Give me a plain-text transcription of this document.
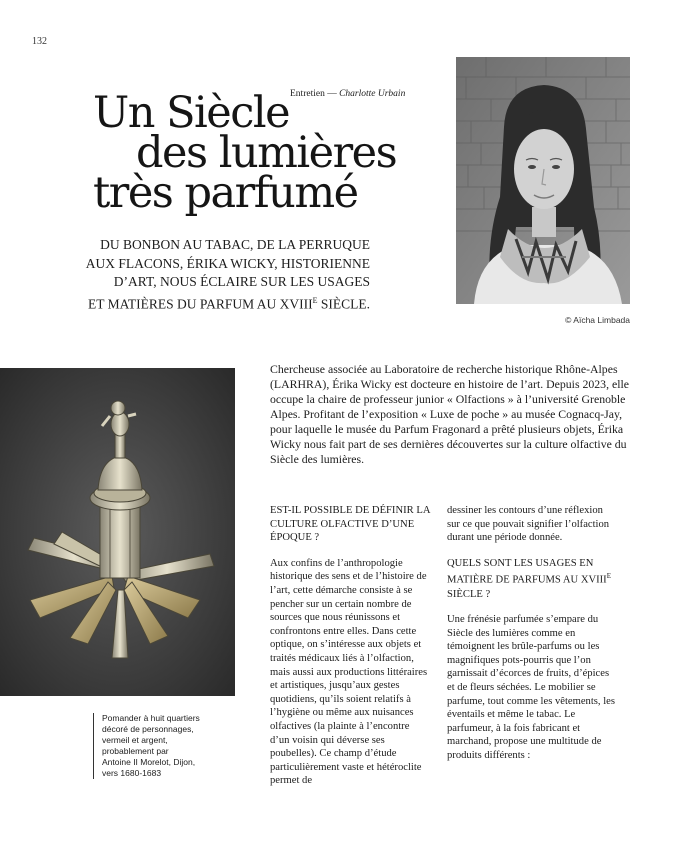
132
Entretien — Charlotte Urbain
Un Siècle
des lumières
très parfumé
DU BONBON AU TABAC, DE LA PERRUQUE
AUX FLACONS, ÉRIKA WICKY, HISTORIENNE
D’ART, NOUS ÉCLAIRE SUR LES USAGES
ET MATIÈRES DU PARFUM AU $XVIII^E$ SIÈCLE.
© Aïcha Limbada
Pomander à huit quartiers
décoré de personnages,
vermeil et argent,
probablement par
Antoine II Morelot, Dijon,
vers 1680-1683
Chercheuse associée au Laboratoire de recherche historique Rhône-Alpes (LARHRA), Érika Wicky est docteure en histoire de l’art. Depuis 2023, elle occupe la chaire de professeur junior « Olfactions » à l’université Grenoble Alpes. Profitant de l’exposition « Luxe de poche » au musée Cognacq-Jay, pour laquelle le musée du Parfum Fragonard a prêté plusieurs objets, Érika Wicky nous fait part de ses dernières découvertes sur la culture olfactive du Siècle des lumières.

EST-IL POSSIBLE DE DÉFINIR LA CULTURE OLFACTIVE D’UNE ÉPOQUE ?

Aux confins de l’anthropologie historique des sens et de l’histoire de l’art, cette démarche consiste à se pencher sur un certain nombre de sources que nous réunissons et confrontons entre elles. Dans cette optique, on s’intéresse aux objets et traités médicaux liés à l’olfaction, mais aussi aux productions littéraires et artistiques, jusqu’aux gestes quotidiens, qu’ils soient relatifs à l’hygiène ou même aux nuisances olfactives (la plainte à l’encontre d’un voisin qui déverse ses poubelles). Ce champ d’étude particulièrement vaste et hétéroclite permet de

dessiner les contours d’une réflexion sur ce que pouvait signifier l’olfaction durant une période donnée.

QUELS SONT LES USAGES EN MATIÈRE DE PARFUMS AU $XVIII^E$ SIÈCLE ?

Une frénésie parfumée s’empare du Siècle des lumières comme en témoignent les brûle-parfums ou les magnifiques pots-pourris que l’on garnissait d’écorces de fruits, d’épices et de fleurs séchées. Le mobilier se parfume, tout comme les vêtements, les éventails et même le tabac. Le parfumeur, à la fois fabricant et marchand, propose une multitude de produits différents :
